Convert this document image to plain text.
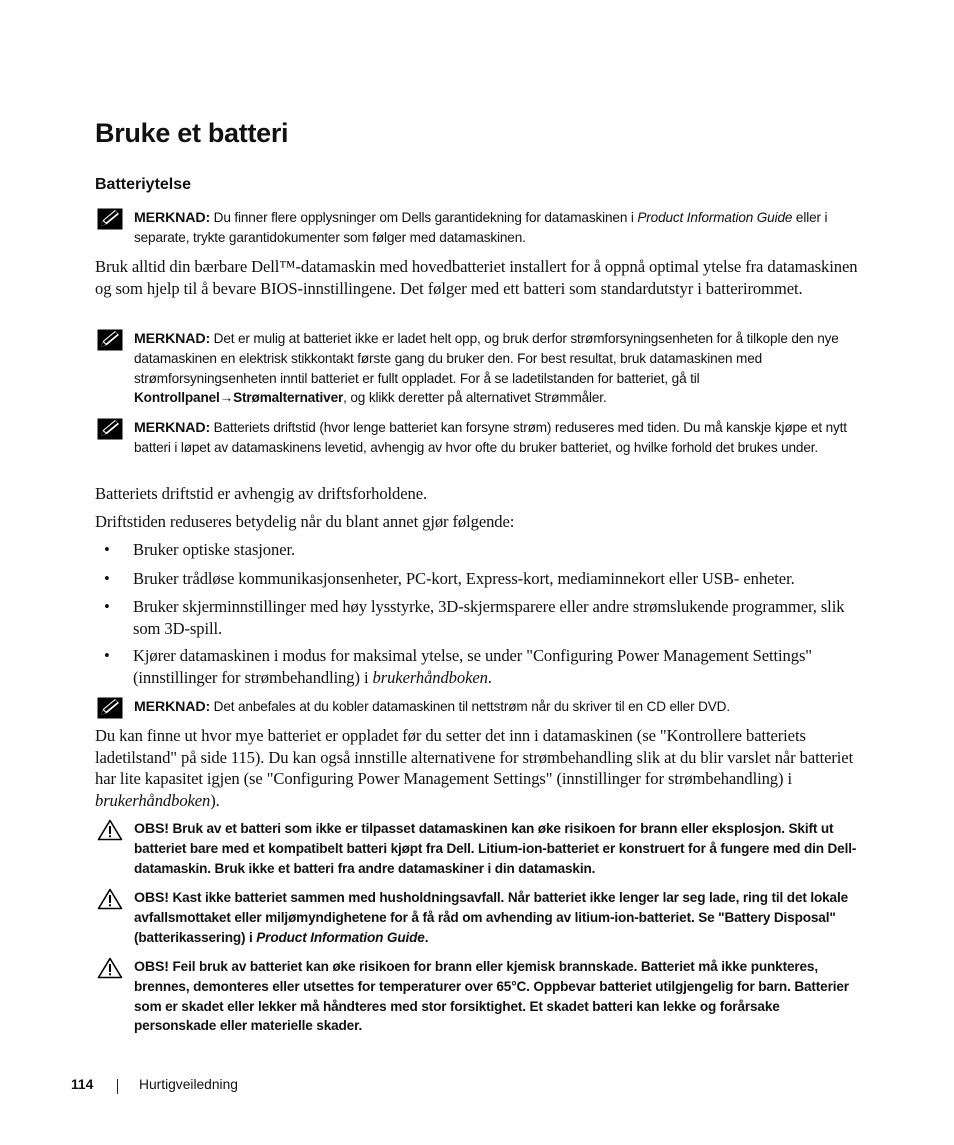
Bruke et batteri
Batteriytelse
MERKNAD: Du finner flere opplysninger om Dells garantidekning for datamaskinen i Product Information Guide eller i separate, trykte garantidokumenter som følger med datamaskinen.

Bruk alltid din bærbare Dell™-datamaskin med hovedbatteriet installert for å oppnå optimal ytelse fra datamaskinen og som hjelp til å bevare BIOS-innstillingene. Det følger med ett batteri som standardutstyr i batterirommet.

MERKNAD: Det er mulig at batteriet ikke er ladet helt opp, og bruk derfor strømforsyningsenheten for å tilkople den nye datamaskinen en elektrisk stikkontakt første gang du bruker den. For best resultat, bruk datamaskinen med strømforsyningsenheten inntil batteriet er fullt oppladet. For å se ladetilstanden for batteriet, gå til Kontrollpanel→Strømalternativer, og klikk deretter på alternativet Strømmåler.
MERKNAD: Batteriets driftstid (hvor lenge batteriet kan forsyne strøm) reduseres med tiden. Du må kanskje kjøpe et nytt batteri i løpet av datamaskinens levetid, avhengig av hvor ofte du bruker batteriet, og hvilke forhold det brukes under.

Batteriets driftstid er avhengig av driftsforholdene.

Driftstiden reduseres betydelig når du blant annet gjør følgende:

• Bruker optiske stasjoner.
• Bruker trådløse kommunikasjonsenheter, PC-kort, Express-kort, mediaminnekort eller USB- enheter.
• Bruker skjerminnstillinger med høy lysstyrke, 3D-skjermsparere eller andre strømslukende programmer, slik som 3D-spill.
• Kjører datamaskinen i modus for maksimal ytelse, se under "Configuring Power Management Settings" (innstillinger for strømbehandling) i brukerhåndboken.
MERKNAD: Det anbefales at du kobler datamaskinen til nettstrøm når du skriver til en CD eller DVD.

Du kan finne ut hvor mye batteriet er oppladet før du setter det inn i datamaskinen (se "Kontrollere batteriets ladetilstand" på side 115). Du kan også innstille alternativene for strømbehandling slik at du blir varslet når batteriet har lite kapasitet igjen (se "Configuring Power Management Settings" (innstillinger for strømbehandling) i brukerhåndboken).

OBS! Bruk av et batteri som ikke er tilpasset datamaskinen kan øke risikoen for brann eller eksplosjon. Skift ut batteriet bare med et kompatibelt batteri kjøpt fra Dell. Litium-ion-batteriet er konstruert for å fungere med din Dell-datamaskin. Bruk ikke et batteri fra andre datamaskiner i din datamaskin.
OBS! Kast ikke batteriet sammen med husholdningsavfall. Når batteriet ikke lenger lar seg lade, ring til det lokale avfallsmottaket eller miljømyndighetene for å få råd om avhending av litium-ion-batteriet. Se "Battery Disposal" (batterikassering) i Product Information Guide.
OBS! Feil bruk av batteriet kan øke risikoen for brann eller kjemisk brannskade. Batteriet må ikke punkteres, brennes, demonteres eller utsettes for temperaturer over 65°C. Oppbevar batteriet utilgjengelig for barn. Batterier som er skadet eller lekker må håndteres med stor forsiktighet. Et skadet batteri kan lekke og forårsake personskade eller materielle skader.
114	Hurtigveiledning
